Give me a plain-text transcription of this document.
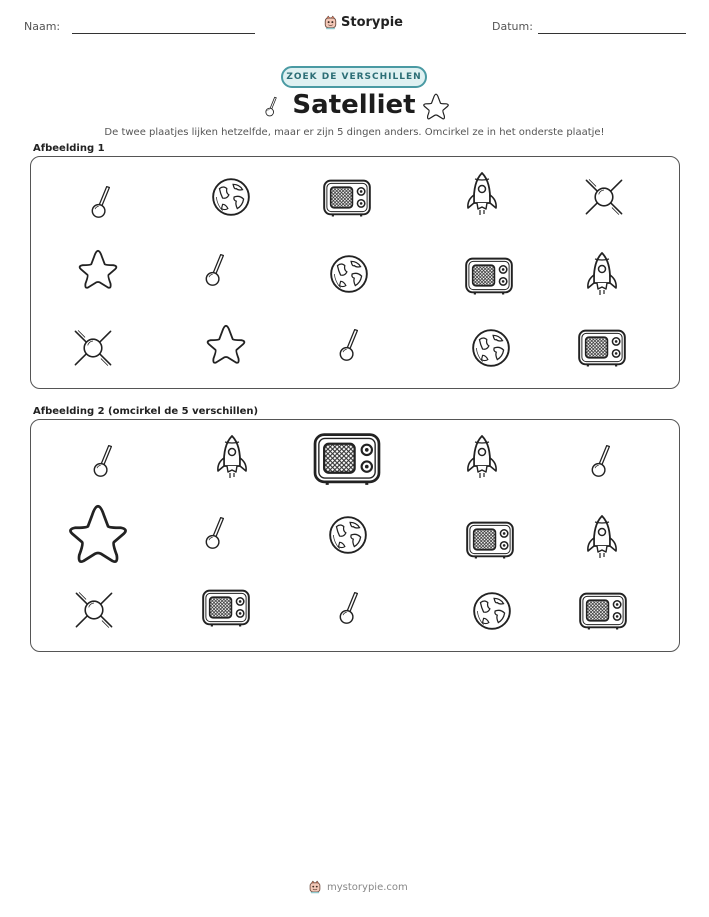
Naam:	Storypie	Datum:
ZOEK DE VERSCHILLEN
Satelliet
De twee plaatjes lijken hetzelfde, maar er zijn 5 dingen anders. Omcirkel ze in het onderste plaatje!
Afbeelding 1
Afbeelding 2 (omcirkel de 5 verschillen)
mystorypie.com
